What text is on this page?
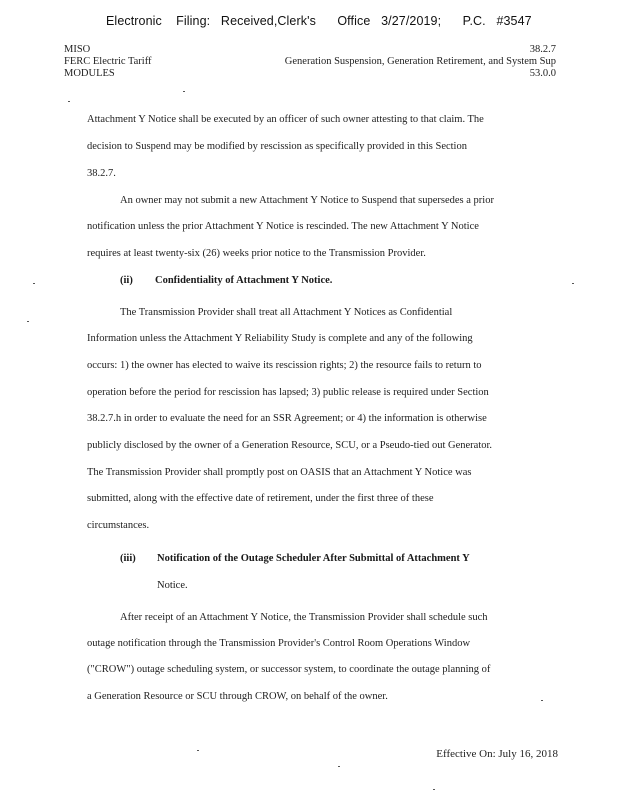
Electronic    Filing:   Received,Clerk's      Office   3/27/2019;      P.C.   #3547
MISO
FERC Electric Tariff
MODULES
38.2.7
Generation Suspension, Generation Retirement, and System Sup
53.0.0
Attachment Y Notice shall be executed by an officer of such owner attesting to that claim. The
decision to Suspend may be modified by rescission as specifically provided in this Section
38.2.7.
An owner may not submit a new Attachment Y Notice to Suspend that supersedes a prior
notification unless the prior Attachment Y Notice is rescinded. The new Attachment Y Notice
requires at least twenty-six (26) weeks prior notice to the Transmission Provider.
(ii) Confidentiality of Attachment Y Notice.
The Transmission Provider shall treat all Attachment Y Notices as Confidential
Information unless the Attachment Y Reliability Study is complete and any of the following
occurs: 1) the owner has elected to waive its rescission rights; 2) the resource fails to return to
operation before the period for rescission has lapsed; 3) public release is required under Section
38.2.7.h in order to evaluate the need for an SSR Agreement; or 4) the information is otherwise
publicly disclosed by the owner of a Generation Resource, SCU, or a Pseudo-tied out Generator.
The Transmission Provider shall promptly post on OASIS that an Attachment Y Notice was
submitted, along with the effective date of retirement, under the first three of these
circumstances.
(iii) Notification of the Outage Scheduler After Submittal of Attachment Y
Notice.
After receipt of an Attachment Y Notice, the Transmission Provider shall schedule such
outage notification through the Transmission Provider's Control Room Operations Window
("CROW") outage scheduling system, or successor system, to coordinate the outage planning of
a Generation Resource or SCU through CROW, on behalf of the owner.
Effective On: July 16, 2018
